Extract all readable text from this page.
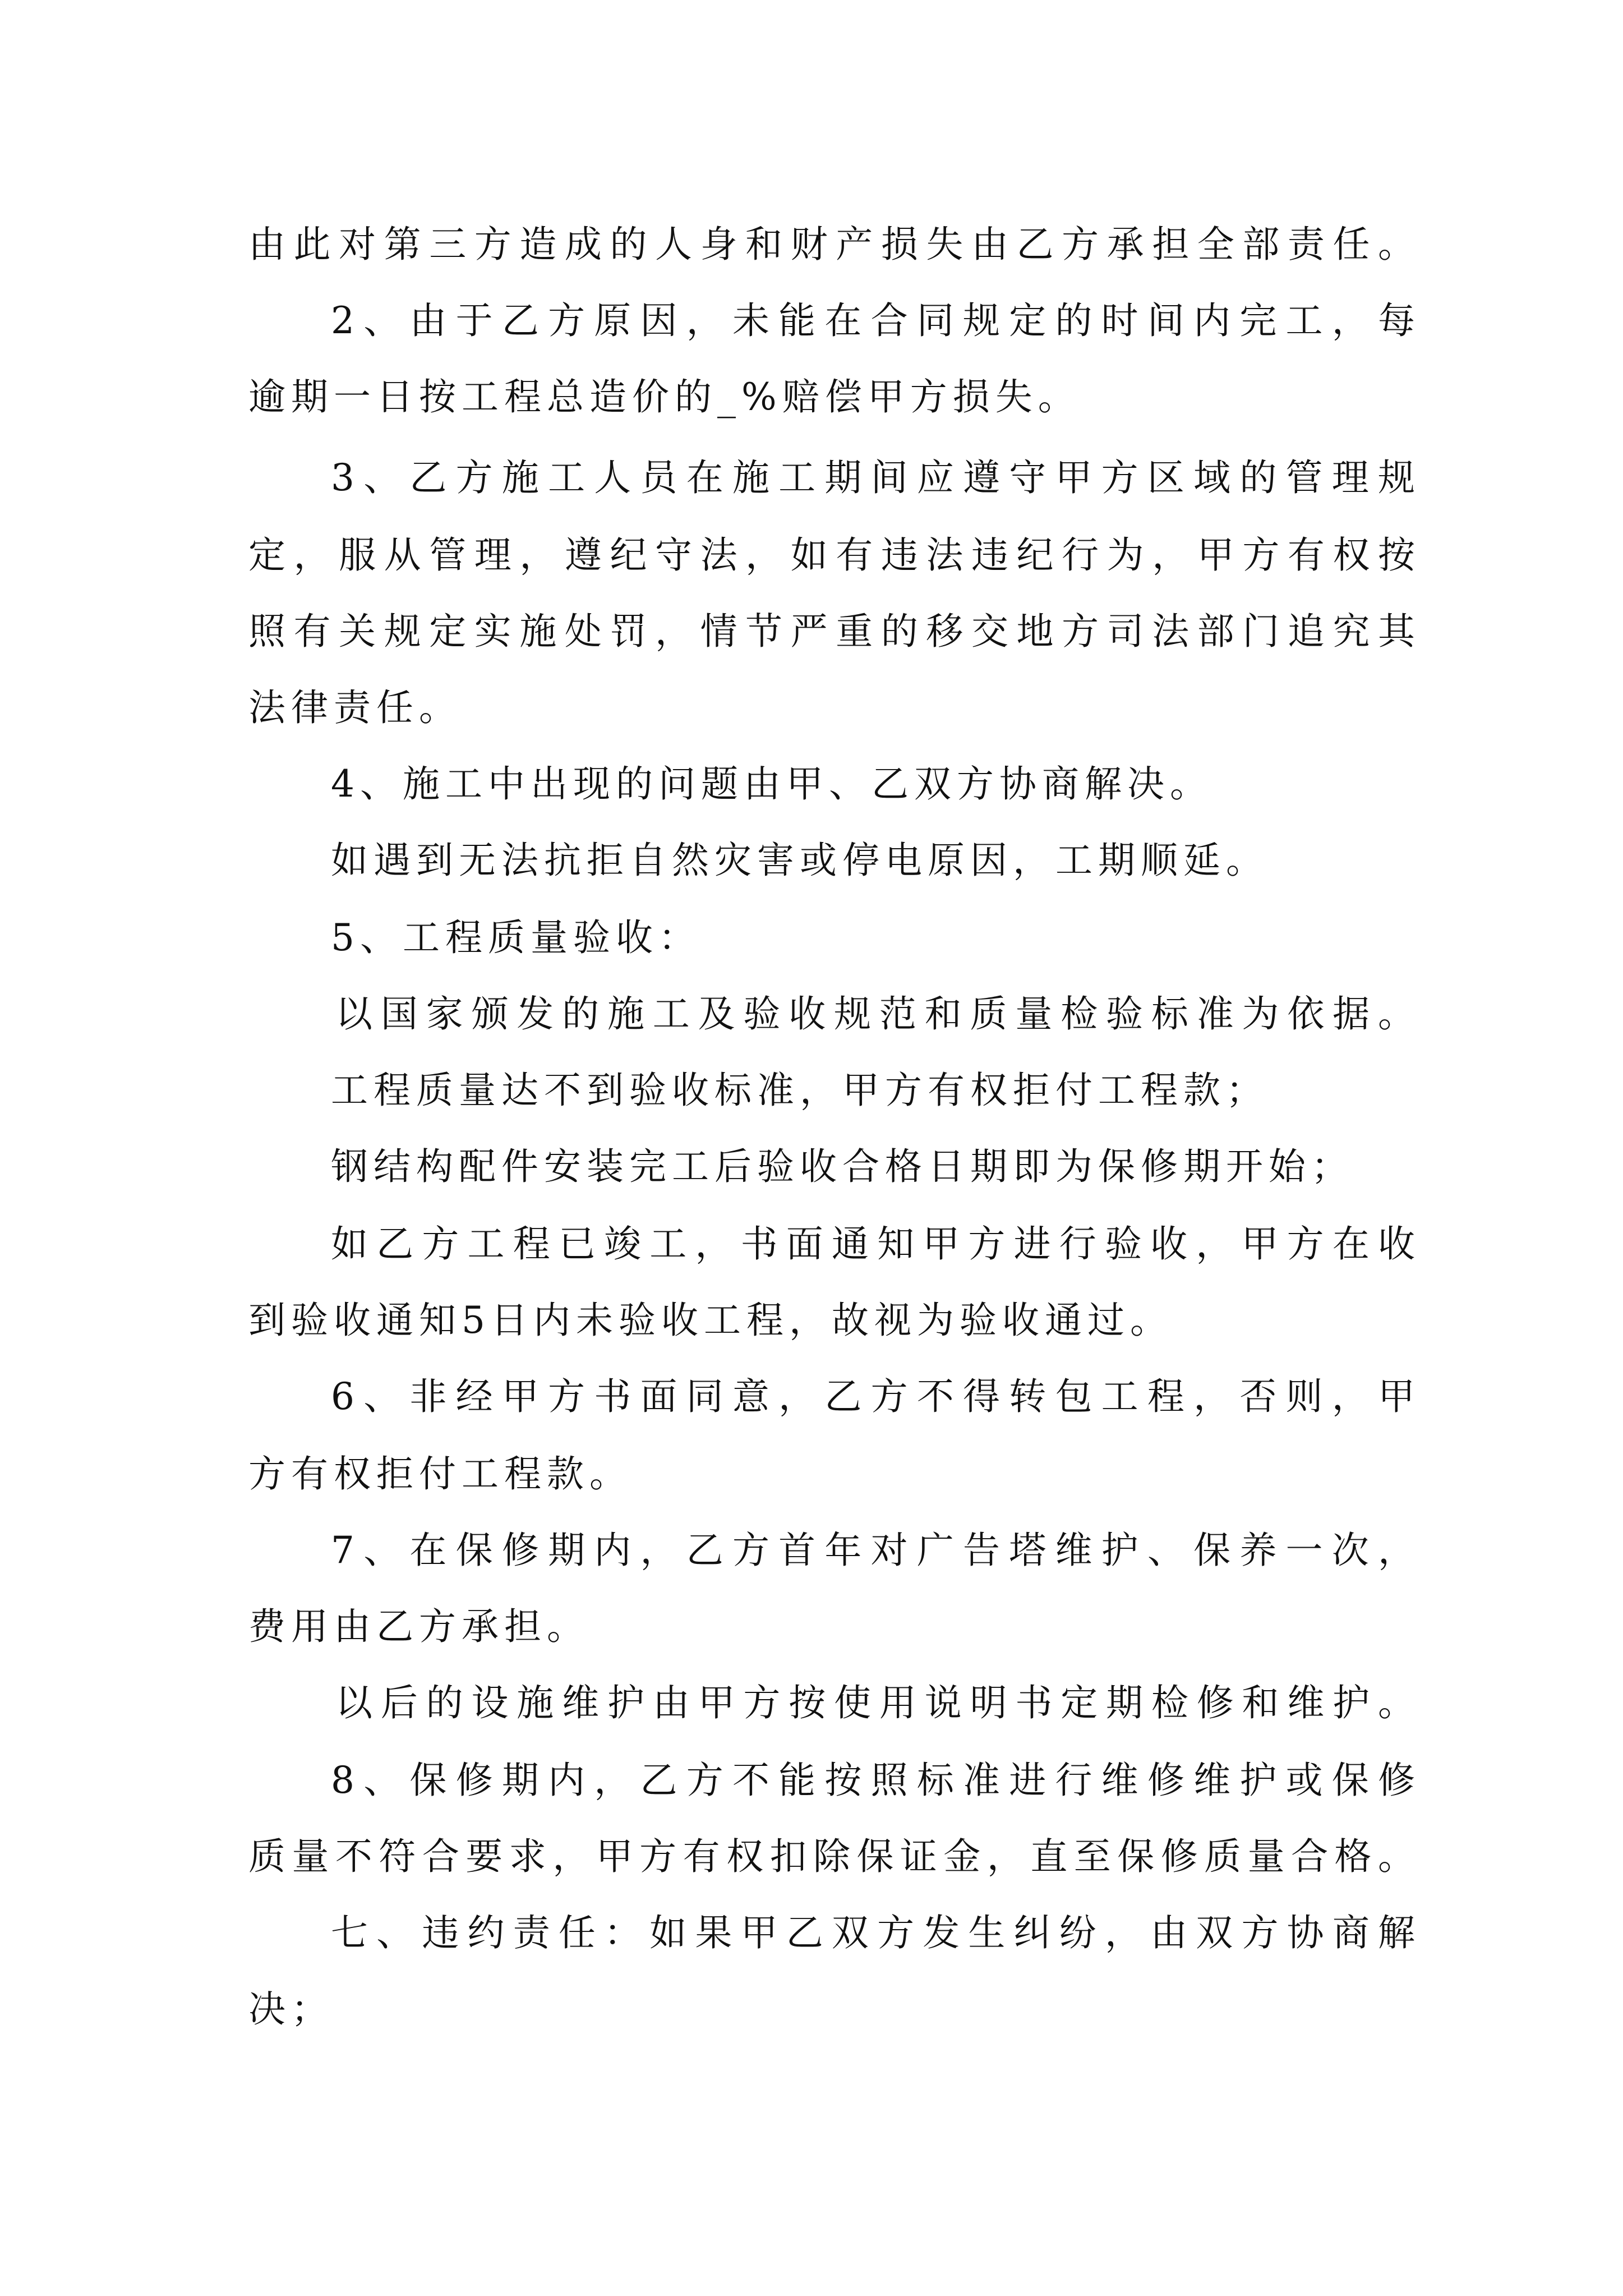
由此对第三方造成的人身和财产损失由乙方承担全部责任。
2、由于乙方原因，未能在合同规定的时间内完工，每
逾期一日按工程总造价的_%赔偿甲方损失。
3、乙方施工人员在施工期间应遵守甲方区域的管理规
定，服从管理，遵纪守法，如有违法违纪行为，甲方有权按
照有关规定实施处罚，情节严重的移交地方司法部门追究其
法律责任。
4、施工中出现的问题由甲、乙双方协商解决。
如遇到无法抗拒自然灾害或停电原因，工期顺延。
5、工程质量验收：
以国家颁发的施工及验收规范和质量检验标准为依据。
工程质量达不到验收标准，甲方有权拒付工程款；
钢结构配件安装完工后验收合格日期即为保修期开始；
如乙方工程已竣工，书面通知甲方进行验收，甲方在收
到验收通知5日内未验收工程，故视为验收通过。
6、非经甲方书面同意，乙方不得转包工程，否则，甲
方有权拒付工程款。
7、在保修期内，乙方首年对广告塔维护、保养一次，
费用由乙方承担。
以后的设施维护由甲方按使用说明书定期检修和维护。
8、保修期内，乙方不能按照标准进行维修维护或保修
质量不符合要求，甲方有权扣除保证金，直至保修质量合格。
七、违约责任：如果甲乙双方发生纠纷，由双方协商解
决；
